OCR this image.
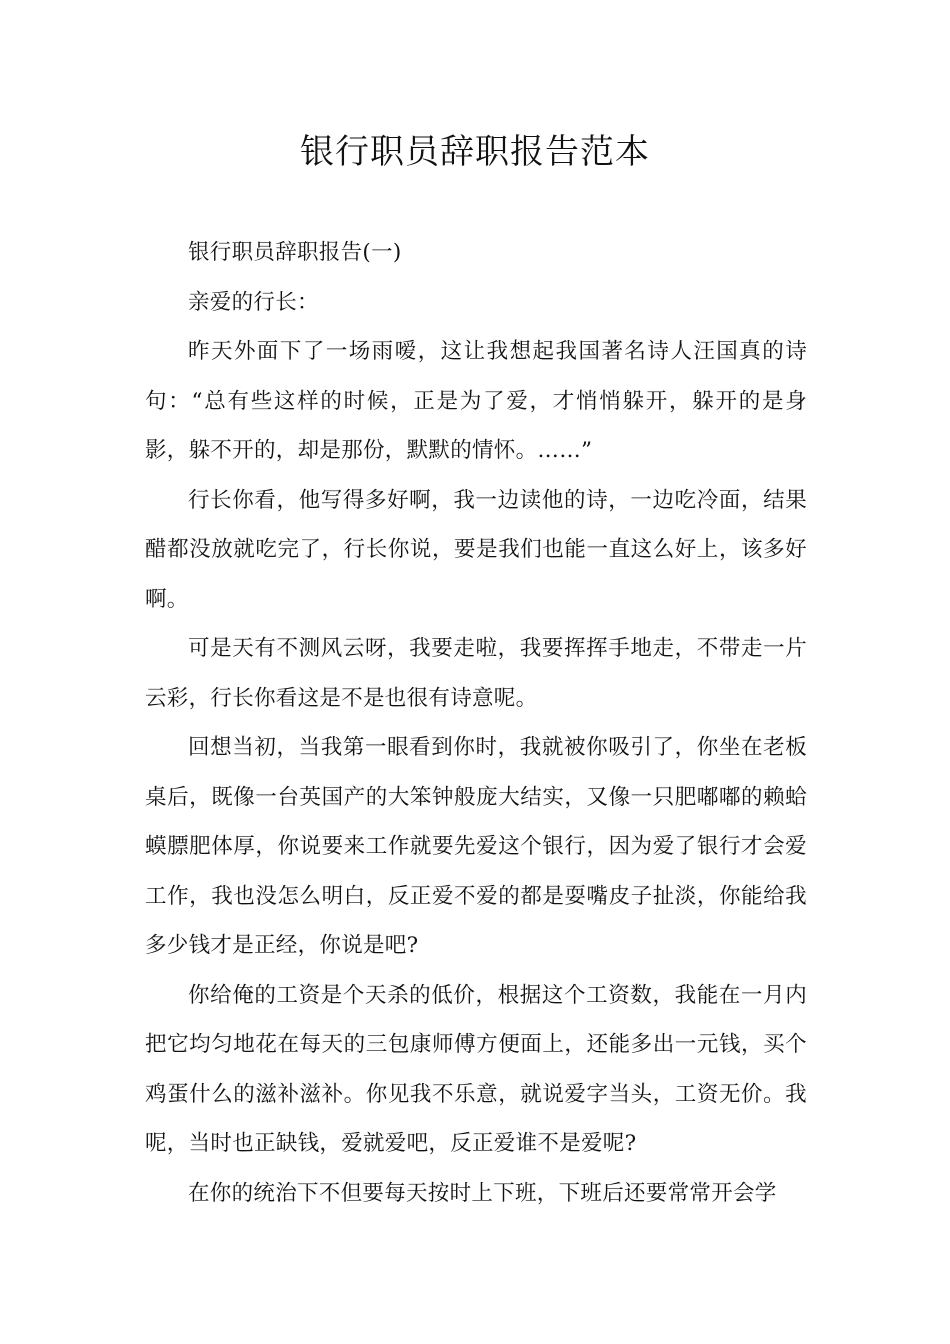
银行职员辞职报告范本

银行职员辞职报告(一)

亲爱的行长：

昨天外面下了一场雨嗳，这让我想起我国著名诗人汪国真的诗句：“总有些这样的时候，正是为了爱，才悄悄躲开，躲开的是身影，躲不开的，却是那份，默默的情怀。……”

行长你看，他写得多好啊，我一边读他的诗，一边吃冷面，结果醋都没放就吃完了，行长你说，要是我们也能一直这么好上，该多好啊。

可是天有不测风云呀，我要走啦，我要挥挥手地走，不带走一片云彩，行长你看这是不是也很有诗意呢。

回想当初，当我第一眼看到你时，我就被你吸引了，你坐在老板桌后，既像一台英国产的大笨钟般庞大结实，又像一只肥嘟嘟的赖蛤蟆膘肥体厚，你说要来工作就要先爱这个银行，因为爱了银行才会爱工作，我也没怎么明白，反正爱不爱的都是耍嘴皮子扯淡，你能给我多少钱才是正经，你说是吧?

你给俺的工资是个天杀的低价，根据这个工资数，我能在一月内把它均匀地花在每天的三包康师傅方便面上，还能多出一元钱，买个鸡蛋什么的滋补滋补。你见我不乐意，就说爱字当头，工资无价。我呢，当时也正缺钱，爱就爱吧，反正爱谁不是爱呢?

在你的统治下不但要每天按时上下班，下班后还要常常开会学
